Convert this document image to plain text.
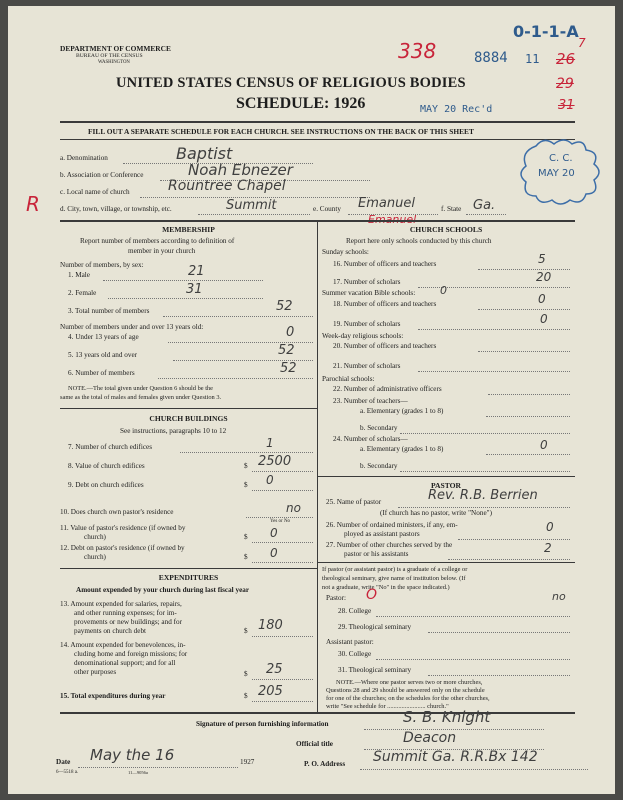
DEPARTMENT OF COMMERCE
BUREAU OF THE CENSUS
WASHINGTON
UNITED STATES CENSUS OF RELIGIOUS BODIES
SCHEDULE: 1926
0-1-1-A
338	8884 11 26
7
29
31
MAY 20 Rec'd
FILL OUT A SEPARATE SCHEDULE FOR EACH CHURCH. SEE INSTRUCTIONS ON THE BACK OF THIS SHEET
C. C.
MAY 20
a. Denomination	Baptist
b. Association or Conference	Noah Ebnezer
c. Local name of church	Rountree Chapel
d. City, town, village, or township, etc.	Summit	e. County Emanuel	f. State Ga.
R
MEMBERSHIP
Report number of members according to definition of
member in your church
Number of members, by sex:
1. Male	21
2. Female	31
3. Total number of members	52
Number of members under and over 13 years old:
4. Under 13 years of age	0
5. 13 years old and over	52
6. Number of members	52
NOTE.—The total given under Question 6 should be the
same as the total of males and females given under Question 3.
CHURCH BUILDINGS
See instructions, paragraphs 10 to 12
7. Number of church edifices	1
8. Value of church edifices	$ 2500
9. Debt on church edifices	$ 0
10. Does church own pastor's residence	no
Yes or No
11. Value of pastor's residence (if owned by
church)	$ 0
12. Debt on pastor's residence (if owned by
church)	$ 0
EXPENDITURES
Amount expended by your church during last fiscal year
13. Amount expended for salaries, repairs,
and other running expenses; for im-
provements or new buildings; and for
payments on church debt	$ 180
14. Amount expended for benevolences, in-
cluding home and foreign missions; for
denominational support; and for all
other purposes	$ 25
15. Total expenditures during year	$ 205
CHURCH SCHOOLS
Report here only schools conducted by this church
Sunday schools:
16. Number of officers and teachers	5
17. Number of scholars	20
Summer vacation Bible schools: 0
18. Number of officers and teachers	0
19. Number of scholars	0
Week-day religious schools:
20. Number of officers and teachers
21. Number of scholars
Parochial schools:
22. Number of administrative officers
23. Number of teachers—
a. Elementary (grades 1 to 8)
b. Secondary
24. Number of scholars—
a. Elementary (grades 1 to 8)	0
b. Secondary
PASTOR
25. Name of pastor	Rev. R.B. Berrien
(If church has no pastor, write "None")
26. Number of ordained ministers, if any, em-
ployed as assistant pastors	0
27. Number of other churches served by the
pastor or his assistants	2
If pastor (or assistant pastor) is a graduate of a college or
theological seminary, give name of institution below. (If
not a graduate, write "No" in the space indicated.)
Pastor: O	no
28. College
29. Theological seminary
Assistant pastor:
30. College
31. Theological seminary
NOTE.—Where one pastor serves two or more churches,
Questions 28 and 29 should be answered only on the schedule
for one of the churches; on the schedules for the other churches,
write "See schedule for ........................ church."
Signature of person furnishing information	S. B. Knight
Official title	Deacon
Date May the 16	1927	P. O. Address Summit Ga. R.R.Bx 142
6—5518 a.	11—9056a
